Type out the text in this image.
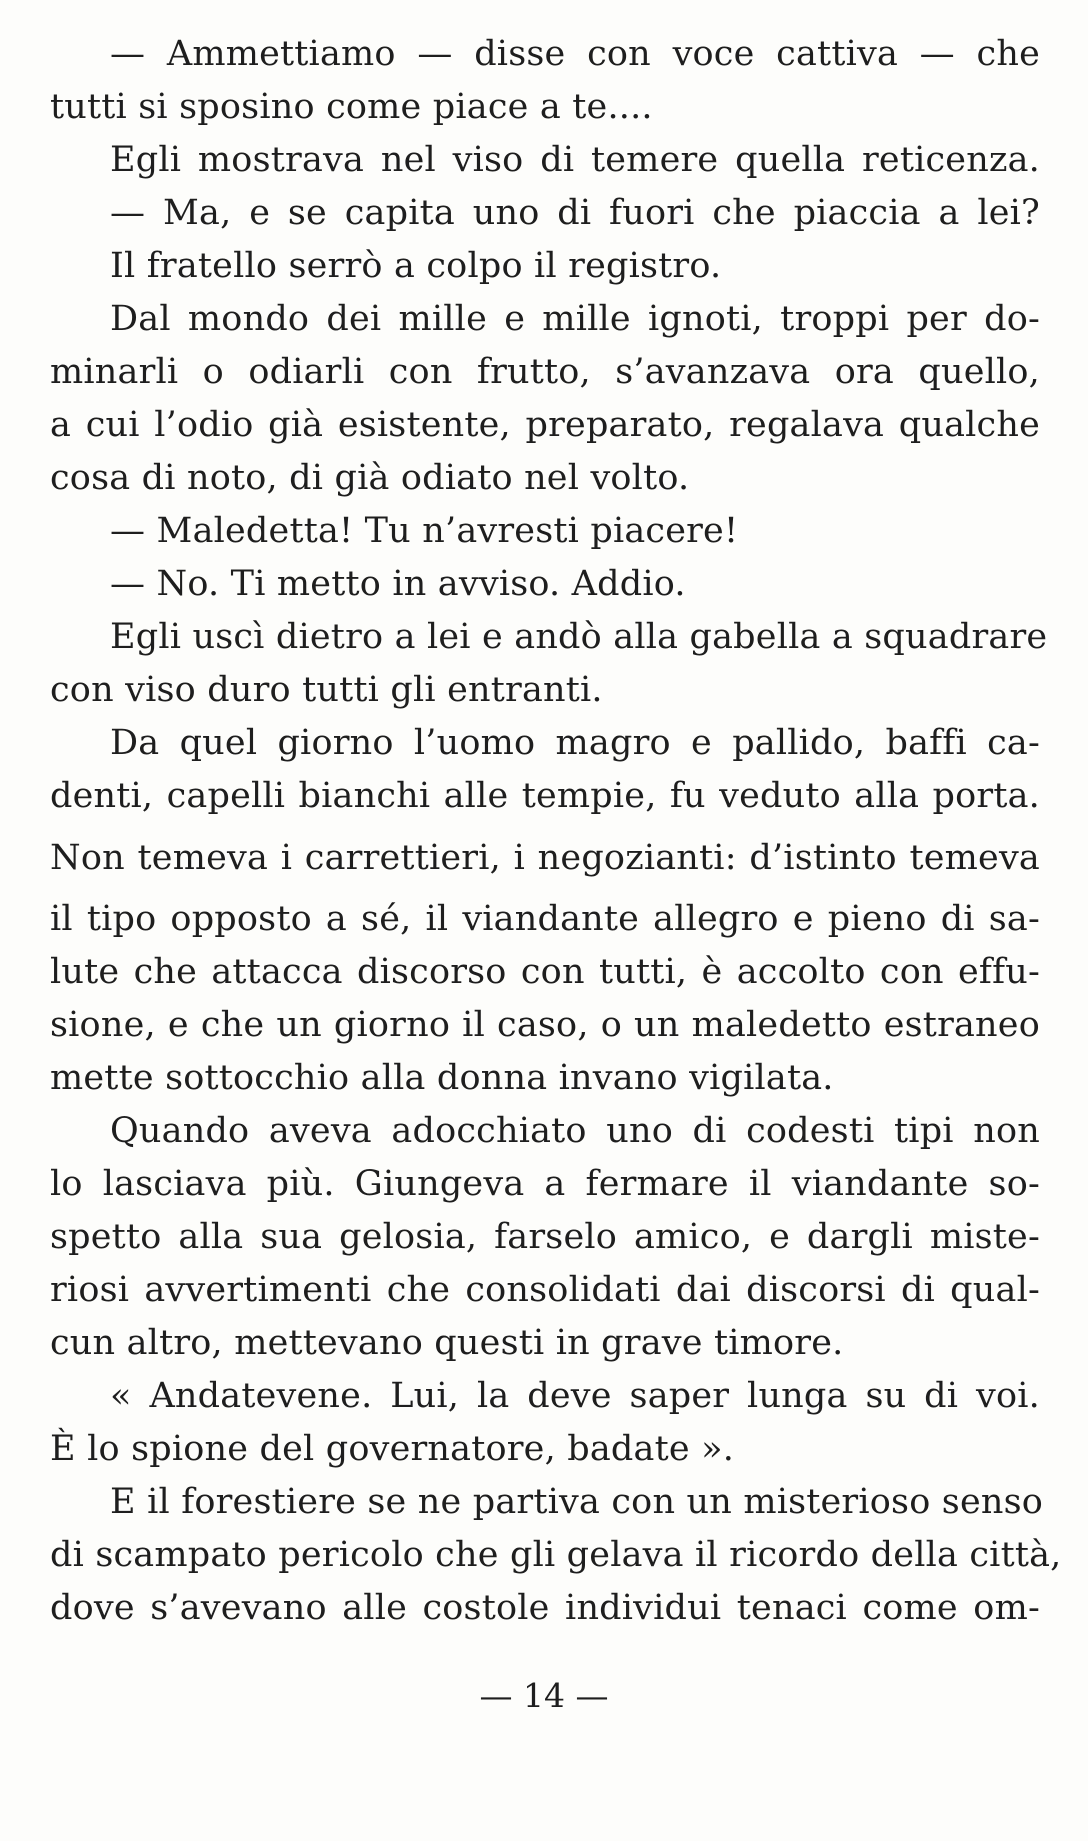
— Ammettiamo — disse con voce cattiva — che
tutti si sposino come piace a te....
Egli mostrava nel viso di temere quella reticenza.
— Ma, e se capita uno di fuori che piaccia a lei?
Il fratello serrò a colpo il registro.
Dal mondo dei mille e mille ignoti, troppi per do-
minarli o odiarli con frutto, s’avanzava ora quello,
a cui l’odio già esistente, preparato, regalava qualche
cosa di noto, di già odiato nel volto.
— Maledetta! Tu n’avresti piacere!
— No. Ti metto in avviso. Addio.
Egli uscì dietro a lei e andò alla gabella a squadrare
con viso duro tutti gli entranti.
Da quel giorno l’uomo magro e pallido, baffi ca-
denti, capelli bianchi alle tempie, fu veduto alla porta.
Non temeva i carrettieri, i negozianti: d’istinto temeva
il tipo opposto a sé, il viandante allegro e pieno di sa-
lute che attacca discorso con tutti, è accolto con effu-
sione, e che un giorno il caso, o un maledetto estraneo
mette sottocchio alla donna invano vigilata.
Quando aveva adocchiato uno di codesti tipi non
lo lasciava più. Giungeva a fermare il viandante so-
spetto alla sua gelosia, farselo amico, e dargli miste-
riosi avvertimenti che consolidati dai discorsi di qual-
cun altro, mettevano questi in grave timore.
« Andatevene. Lui, la deve saper lunga su di voi.
È lo spione del governatore, badate ».
E il forestiere se ne partiva con un misterioso senso
di scampato pericolo che gli gelava il ricordo della città,
dove s’avevano alle costole individui tenaci come om-
— 14 —
